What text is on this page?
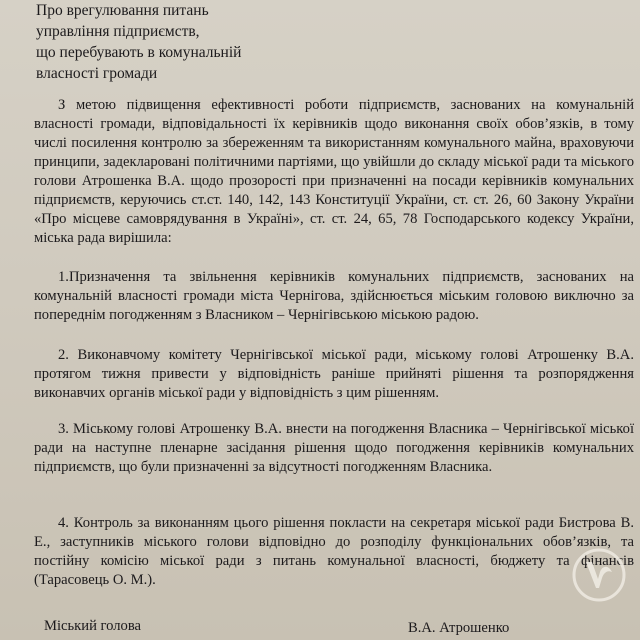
Про врегулювання питань
управління підприємств,
що перебувають в комунальній
власності громади
З метою підвищення ефективності роботи підприємств, заснованих на комунальній власності громади, відповідальності їх керівників щодо виконання своїх обов’язків, в тому числі посилення контролю за збереженням та використанням комунального майна, враховуючи принципи, задекларовані політичними партіями, що увійшли до складу міської ради та міського голови Атрошенка В.А. щодо прозорості при призначенні на посади керівників комунальних підприємств, керуючись ст.ст. 140, 142, 143 Конституції України, ст. ст. 26, 60 Закону України «Про місцеве самоврядування в Україні», ст. ст. 24, 65, 78 Господарського кодексу України, міська рада вирішила:
1.Призначення та звільнення керівників комунальних підприємств, заснованих на комунальній власності громади міста Чернігова, здійснюється міським головою виключно за попереднім погодженням з Власником – Чернігівською міською радою.
2. Виконавчому комітету Чернігівської міської ради, міському голові Атрошенку В.А. протягом тижня привести у відповідність раніше прийняті рішення та розпорядження виконавчих органів міської ради у відповідність з цим рішенням.
3. Міському голові Атрошенку В.А. внести на погодження Власника – Чернігівської міської ради на наступне пленарне засідання рішення щодо погодження керівників комунальних підприємств, що були призначенні за відсутності погодженням Власника.
4. Контроль за виконанням цього рішення покласти на секретаря міської ради Бистрова В. Е., заступників міського голови відповідно до розподілу функціональних обов’язків, та постійну комісію міської ради з питань комунальної власності, бюджету та фінансів (Тарасовець О. М.).
Міський голова	В.А. Атрошенко
